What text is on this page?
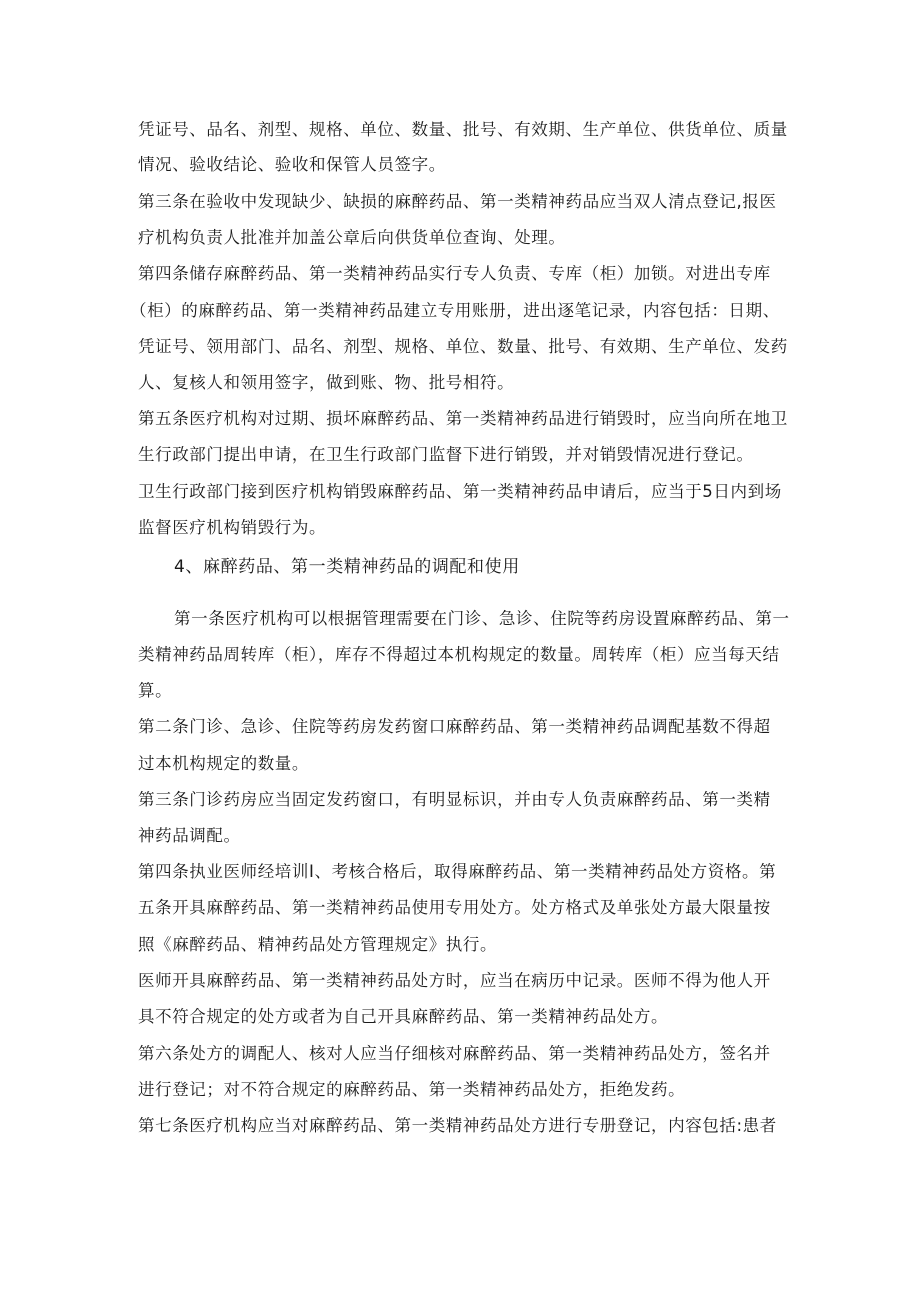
凭证号、品名、剂型、规格、单位、数量、批号、有效期、生产单位、供货单位、质量
情况、验收结论、验收和保管人员签字。
第三条在验收中发现缺少、缺损的麻醉药品、第一类精神药品应当双人清点登记,报医
疗机构负责人批准并加盖公章后向供货单位查询、处理。
第四条储存麻醉药品、第一类精神药品实行专人负责、专库（柜）加锁。对进出专库
（柜）的麻醉药品、第一类精神药品建立专用账册，进出逐笔记录，内容包括：日期、
凭证号、领用部门、品名、剂型、规格、单位、数量、批号、有效期、生产单位、发药
人、复核人和领用签字，做到账、物、批号相符。
第五条医疗机构对过期、损坏麻醉药品、第一类精神药品进行销毁时，应当向所在地卫
生行政部门提出申请，在卫生行政部门监督下进行销毁，并对销毁情况进行登记。
卫生行政部门接到医疗机构销毁麻醉药品、第一类精神药品申请后，应当于5日内到场
监督医疗机构销毁行为。
4、麻醉药品、第一类精神药品的调配和使用
第一条医疗机构可以根据管理需要在门诊、急诊、住院等药房设置麻醉药品、第一
类精神药品周转库（柜），库存不得超过本机构规定的数量。周转库（柜）应当每天结
算。
第二条门诊、急诊、住院等药房发药窗口麻醉药品、第一类精神药品调配基数不得超
过本机构规定的数量。
第三条门诊药房应当固定发药窗口，有明显标识，并由专人负责麻醉药品、第一类精
神药品调配。
第四条执业医师经培训Ⅰ、考核合格后，取得麻醉药品、第一类精神药品处方资格。第
五条开具麻醉药品、第一类精神药品使用专用处方。处方格式及单张处方最大限量按
照《麻醉药品、精神药品处方管理规定》执行。
医师开具麻醉药品、第一类精神药品处方时，应当在病历中记录。医师不得为他人开
具不符合规定的处方或者为自己开具麻醉药品、第一类精神药品处方。
第六条处方的调配人、核对人应当仔细核对麻醉药品、第一类精神药品处方，签名并
进行登记；对不符合规定的麻醉药品、第一类精神药品处方，拒绝发药。
第七条医疗机构应当对麻醉药品、第一类精神药品处方进行专册登记，内容包括:患者
